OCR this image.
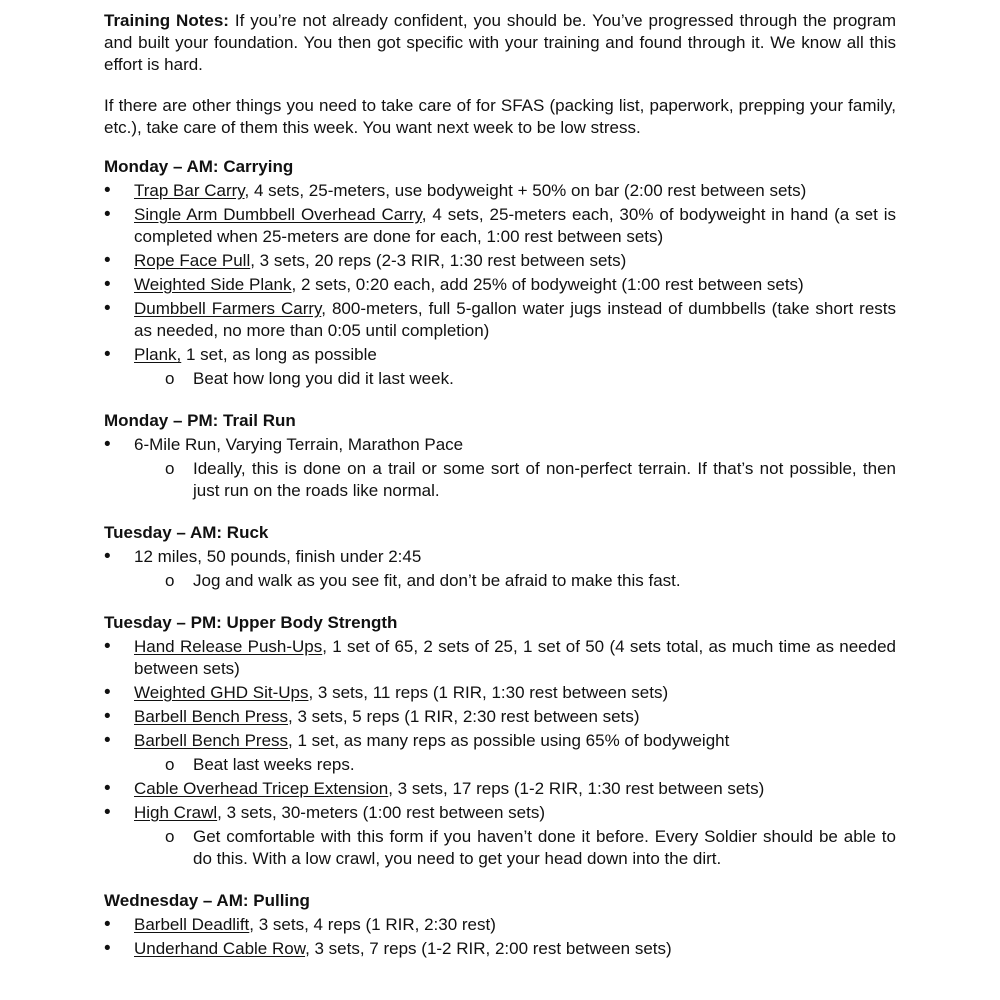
Training Notes: If you’re not already confident, you should be. You’ve progressed through the program and built your foundation. You then got specific with your training and found through it. We know all this effort is hard.

If there are other things you need to take care of for SFAS (packing list, paperwork, prepping your family, etc.), take care of them this week. You want next week to be low stress.

Monday – AM: Carrying
• Trap Bar Carry, 4 sets, 25-meters, use bodyweight + 50% on bar (2:00 rest between sets)
• Single Arm Dumbbell Overhead Carry, 4 sets, 25-meters each, 30% of bodyweight in hand (a set is completed when 25-meters are done for each, 1:00 rest between sets)
• Rope Face Pull, 3 sets, 20 reps (2-3 RIR, 1:30 rest between sets)
• Weighted Side Plank, 2 sets, 0:20 each, add 25% of bodyweight (1:00 rest between sets)
• Dumbbell Farmers Carry, 800-meters, full 5-gallon water jugs instead of dumbbells (take short rests as needed, no more than 0:05 until completion)
• Plank, 1 set, as long as possible
o Beat how long you did it last week.
Monday – PM: Trail Run
• 6-Mile Run, Varying Terrain, Marathon Pace
o Ideally, this is done on a trail or some sort of non-perfect terrain. If that’s not possible, then just run on the roads like normal.
Tuesday – AM: Ruck
• 12 miles, 50 pounds, finish under 2:45
o Jog and walk as you see fit, and don’t be afraid to make this fast.
Tuesday – PM: Upper Body Strength
• Hand Release Push-Ups, 1 set of 65, 2 sets of 25, 1 set of 50 (4 sets total, as much time as needed between sets)
• Weighted GHD Sit-Ups, 3 sets, 11 reps (1 RIR, 1:30 rest between sets)
• Barbell Bench Press, 3 sets, 5 reps (1 RIR, 2:30 rest between sets)
• Barbell Bench Press, 1 set, as many reps as possible using 65% of bodyweight
o Beat last weeks reps.
• Cable Overhead Tricep Extension, 3 sets, 17 reps (1-2 RIR, 1:30 rest between sets)
• High Crawl, 3 sets, 30-meters (1:00 rest between sets)
o Get comfortable with this form if you haven’t done it before. Every Soldier should be able to do this. With a low crawl, you need to get your head down into the dirt.
Wednesday – AM: Pulling
• Barbell Deadlift, 3 sets, 4 reps (1 RIR, 2:30 rest)
• Underhand Cable Row, 3 sets, 7 reps (1-2 RIR, 2:00 rest between sets)
